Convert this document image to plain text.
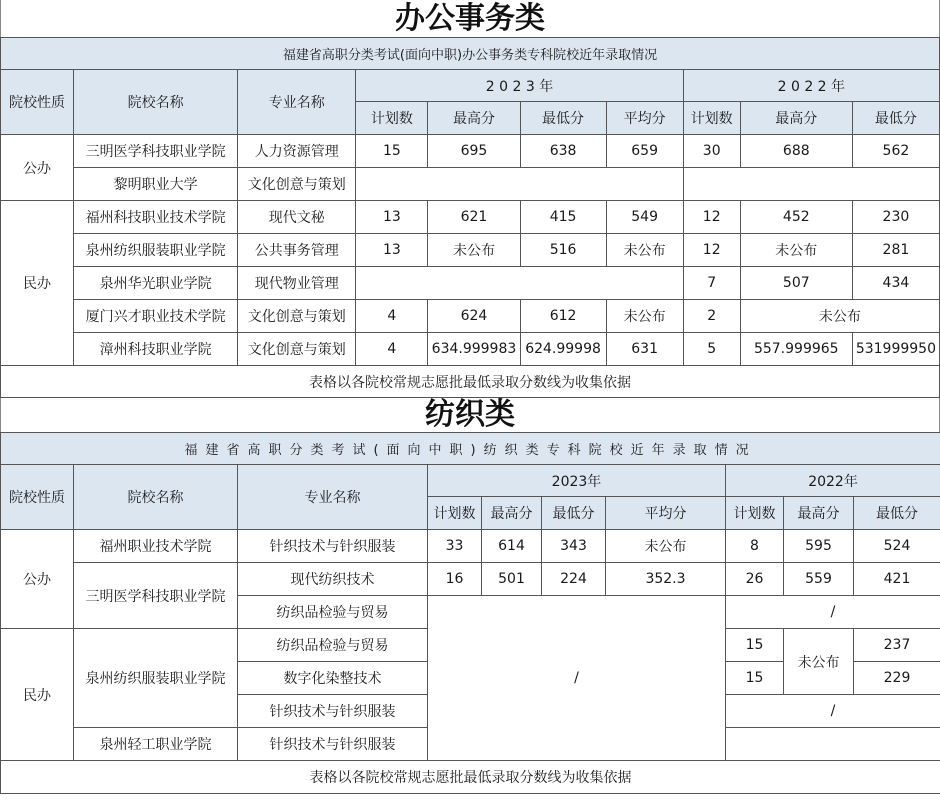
办公事务类
福建省高职分类考试(面向中职)办公事务类专科院校近年录取情况									
院校性质	院校名称	专业名称	2 0 2 3 年				2 0 2 2 年		
			计划数	最高分	最低分	平均分	计划数	最高分	最低分
公办	三明医学科技职业学院	人力资源管理	15	695	638	659	30	688	562
	黎明职业大学	文化创意与策划							
民办	福州科技职业技术学院	现代文秘	13	621	415	549	12	452	230
	泉州纺织服装职业学院	公共事务管理	13	未公布	516	未公布	12	未公布	281
	泉州华光职业学院	现代物业管理					7	507	434
	厦门兴才职业技术学院	文化创意与策划	4	624	612	未公布	2	未公布	
	漳州科技职业学院	文化创意与策划	4	634.999983	624.99998	631	5	557.999965	531999950
表格以各院校常规志愿批最低录取分数线为收集依据									
纺织类
福建省高职分类考试(面向中职)纺织类专科院校近年录取情况									
院校性质	院校名称	专业名称	2023年				2022年		
			计划数	最高分	最低分	平均分	计划数	最高分	最低分
公办	福州职业技术学院	针织技术与针织服装	33	614	343	未公布	8	595	524
	三明医学科技职业学院	现代纺织技术	16	501	224	352.3	26	559	421
		纺织品检验与贸易	/				/		
民办	泉州纺织服装职业学院	纺织品检验与贸易					15	未公布	237
		数字化染整技术					15		229
		针织技术与针织服装					/		
	泉州轻工职业学院	针织技术与针织服装							
表格以各院校常规志愿批最低录取分数线为收集依据									
